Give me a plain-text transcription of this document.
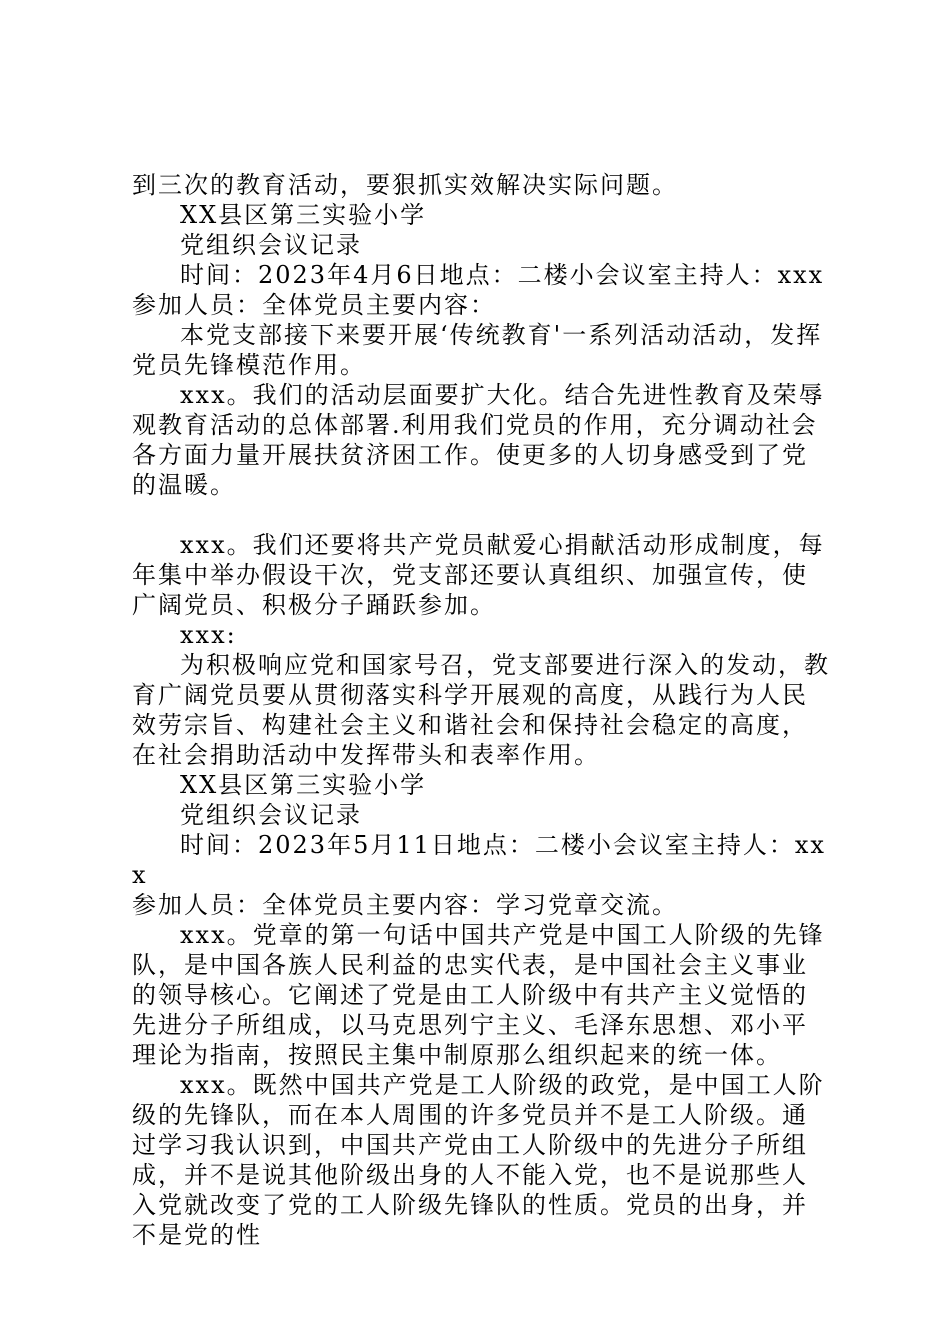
到三次的教育活动，要狠抓实效解决实际问题。

XX县区第三实验小学

党组织会议记录

时间：2023年4月6日地点：二楼小会议室主持人：xxx

参加人员：全体党员主要内容：

本党支部接下来要开展‘传统教育'一系列活动活动，发挥党员先锋模范作用。

xxx。我们的活动层面要扩大化。结合先进性教育及荣辱观教育活动的总体部署.利用我们党员的作用，充分调动社会各方面力量开展扶贫济困工作。使更多的人切身感受到了党的温暖。

xxx。我们还要将共产党员献爱心捐献活动形成制度，每年集中举办假设干次，党支部还要认真组织、加强宣传，使广阔党员、积极分子踊跃参加。

xxx:

为积极响应党和国家号召，党支部要进行深入的发动，教育广阔党员要从贯彻落实科学开展观的高度，从践行为人民效劳宗旨、构建社会主义和谐社会和保持社会稳定的高度，在社会捐助活动中发挥带头和表率作用。

XX县区第三实验小学

党组织会议记录

时间：2023年5月11日地点：二楼小会议室主持人：xxx

参加人员：全体党员主要内容：学习党章交流。

xxx。党章的第一句话中国共产党是中国工人阶级的先锋队，是中国各族人民利益的忠实代表，是中国社会主义事业的领导核心。它阐述了党是由工人阶级中有共产主义觉悟的先进分子所组成，以马克思列宁主义、毛泽东思想、邓小平理论为指南，按照民主集中制原那么组织起来的统一体。

xxx。既然中国共产党是工人阶级的政党，是中国工人阶级的先锋队，而在本人周围的许多党员并不是工人阶级。通过学习我认识到，中国共产党由工人阶级中的先进分子所组成，并不是说其他阶级出身的人不能入党，也不是说那些人入党就改变了党的工人阶级先锋队的性质。党员的出身，并不是党的性
